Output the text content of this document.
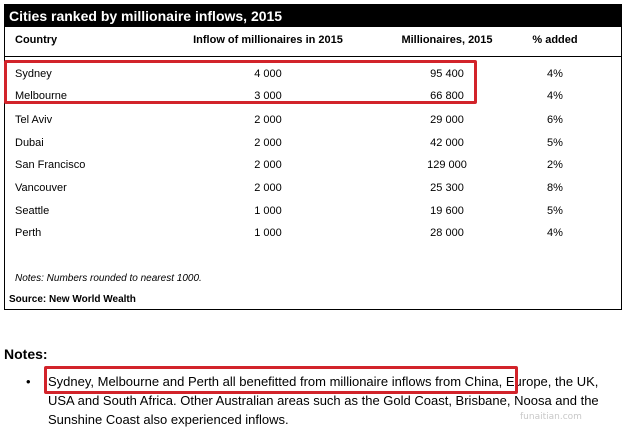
Cities ranked by millionaire inflows, 2015
Country	Inflow of millionaires in 2015	Millionaires, 2015	% added
Sydney	4 000	95 400	4%
Melbourne	3 000	66 800	4%
Tel Aviv	2 000	29 000	6%
Dubai	2 000	42 000	5%
San Francisco	2 000	129 000	2%
Vancouver	2 000	25 300	8%
Seattle	1 000	19 600	5%
Perth	1 000	28 000	4%
Notes: Numbers rounded to nearest 1000.
Source: New World Wealth
Notes:
• Sydney, Melbourne and Perth all benefitted from millionaire inflows from China, Europe, the UK, USA and South Africa. Other Australian areas such as the Gold Coast, Brisbane, Noosa and the Sunshine Coast also experienced inflows.	funaitian.com
